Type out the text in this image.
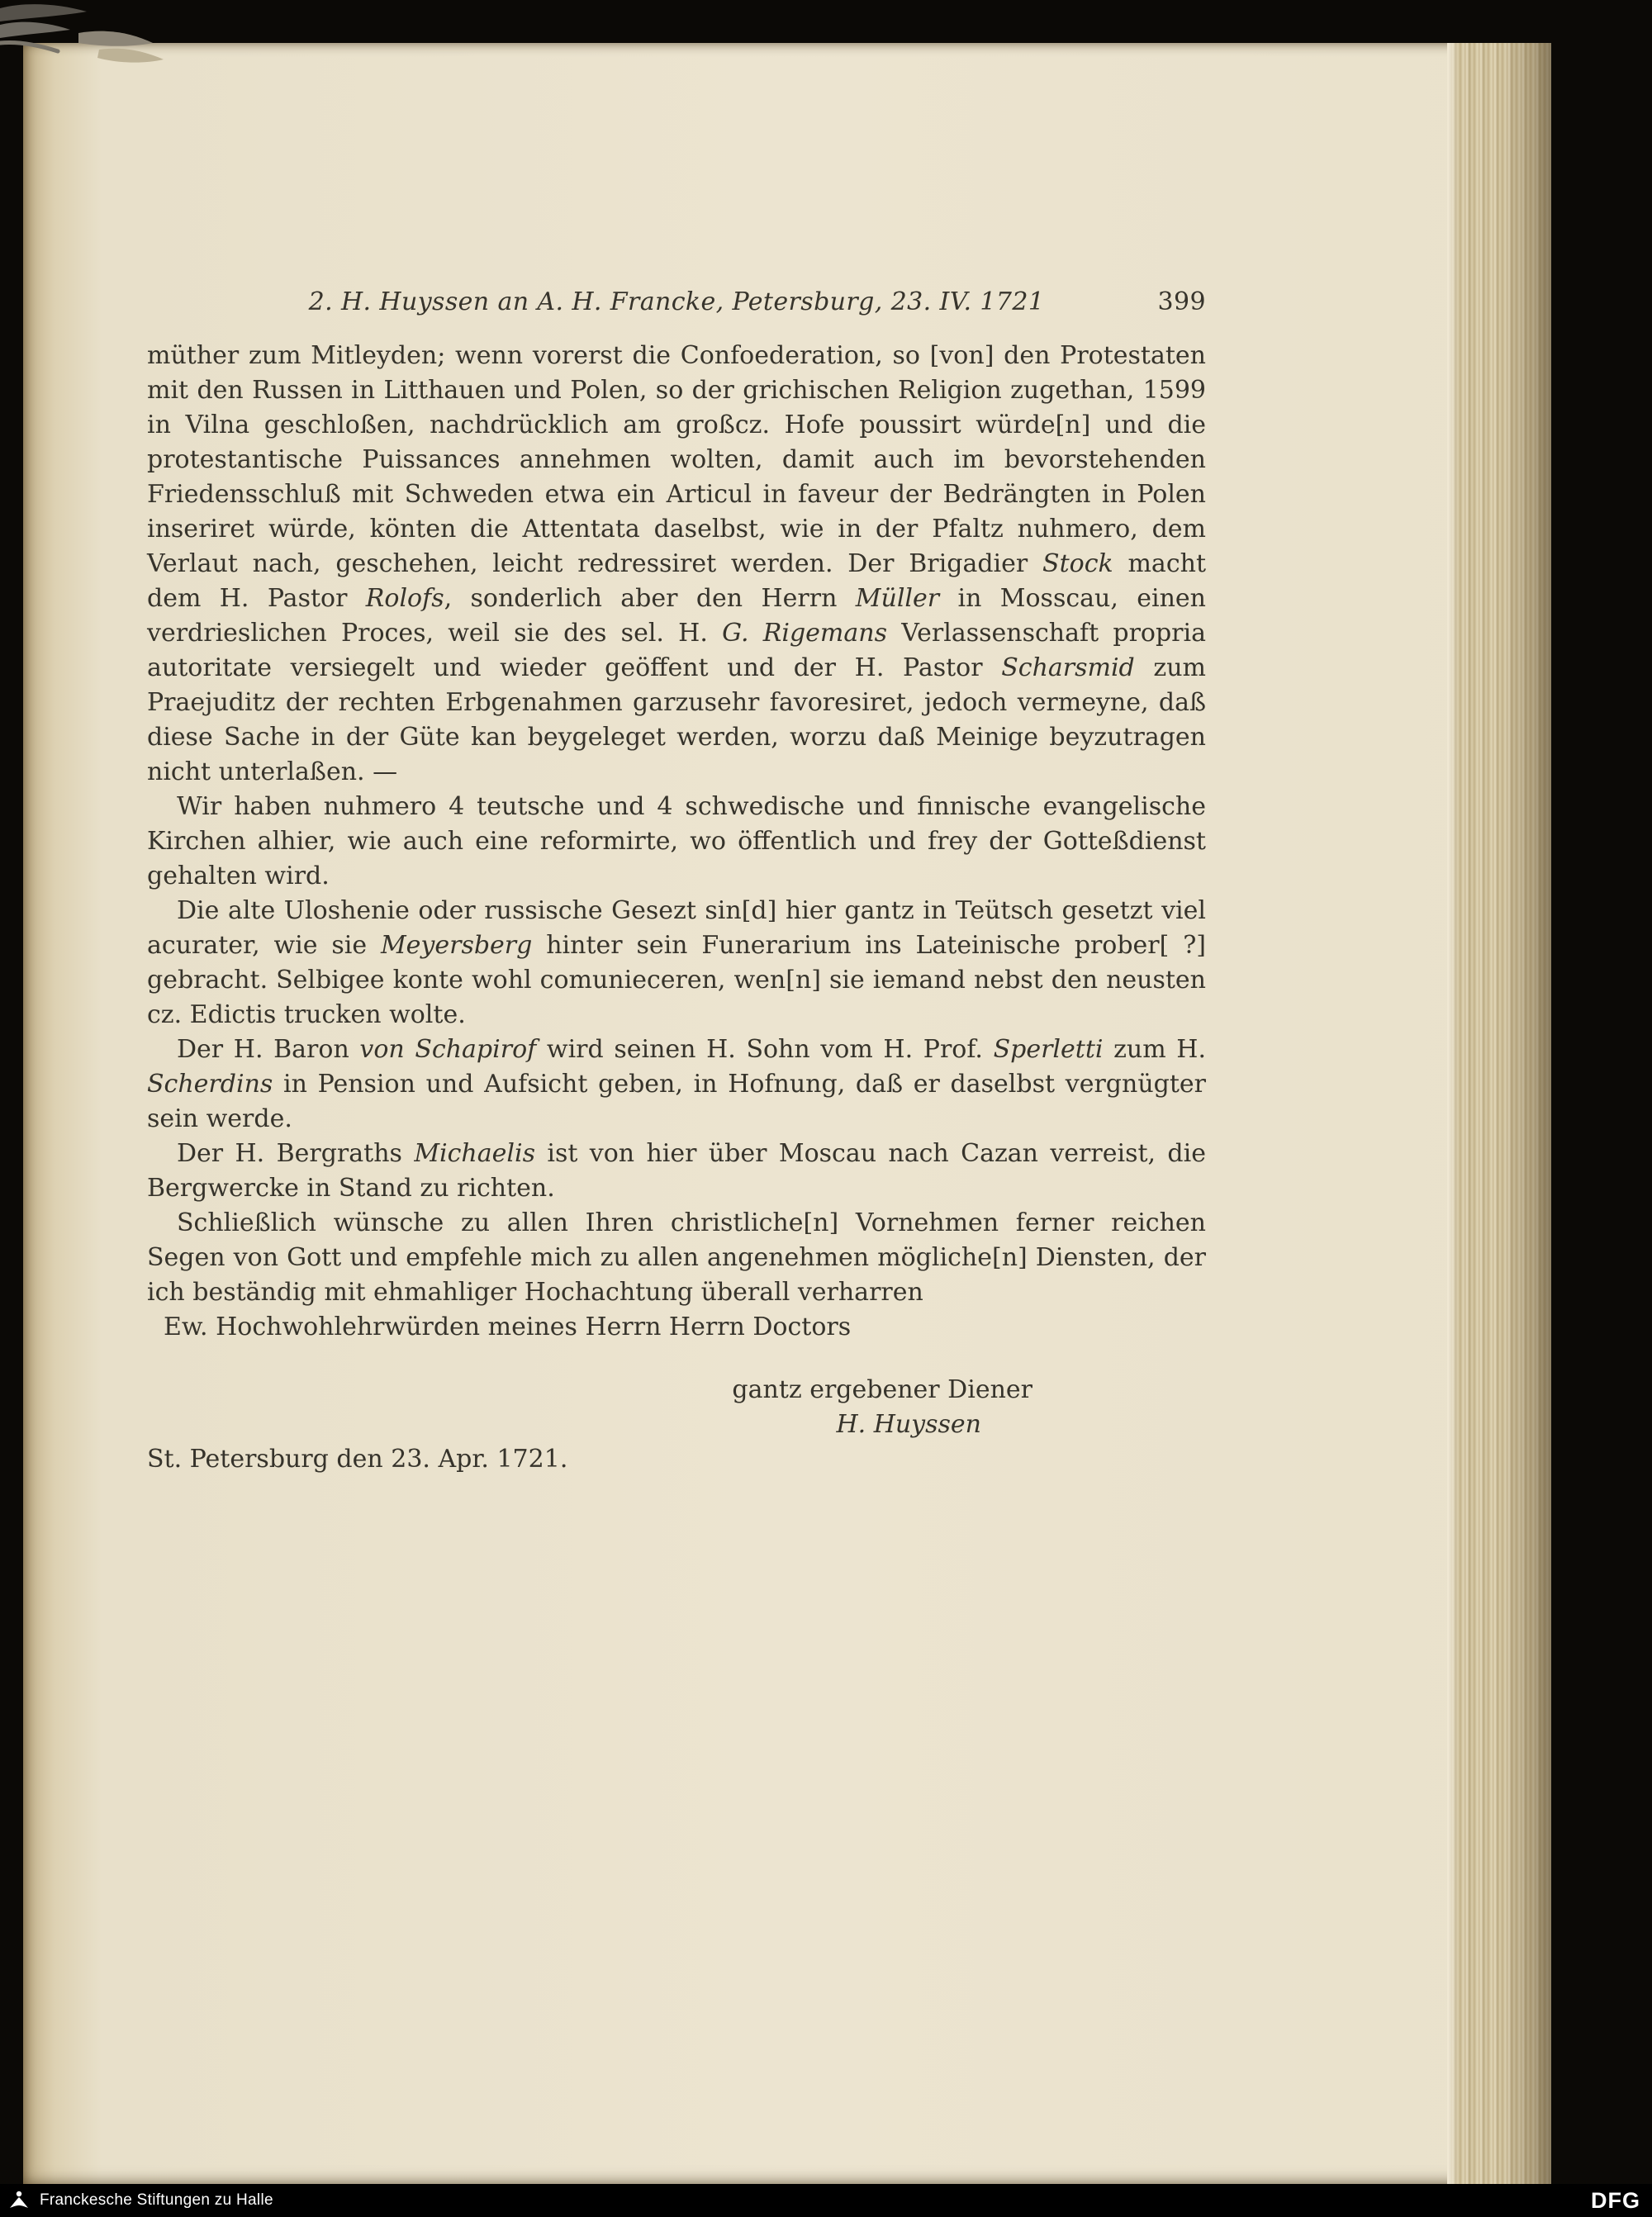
2. H. Huyssen an A. H. Francke, Petersburg, 23. IV. 1721	399

müther zum Mitleyden; wenn vorerst die Confoederation, so [von] den Protestaten mit den Russen in Litthauen und Polen, so der grichischen Religion zugethan, 1599 in Vilna geschloßen, nachdrücklich am großcz. Hofe poussirt würde[n] und die protestantische Puissances annehmen wolten, damit auch im bevorstehenden Friedensschluß mit Schweden etwa ein Articul in faveur der Bedrängten in Polen inseriret würde, könten die Attentata daselbst, wie in der Pfaltz nuhmero, dem Verlaut nach, geschehen, leicht redressiret werden. Der Brigadier Stock macht dem H. Pastor Rolofs, sonderlich aber den Herrn Müller in Mosscau, einen verdrieslichen Proces, weil sie des sel. H. G. Rigemans Verlassenschaft propria autoritate versiegelt und wieder geöffent und der H. Pastor Scharsmid zum Praejuditz der rechten Erbgenahmen garzusehr favoresiret, jedoch vermeyne, daß diese Sache in der Güte kan beygeleget werden, worzu daß Meinige beyzutragen nicht unterlaßen. —

Wir haben nuhmero 4 teutsche und 4 schwedische und finnische evangelische Kirchen alhier, wie auch eine reformirte, wo öffentlich und frey der Gotteßdienst gehalten wird.

Die alte Uloshenie oder russische Gesezt sin[d] hier gantz in Teütsch gesetzt viel acurater, wie sie Meyersberg hinter sein Funerarium ins Lateinische prober[ ?] gebracht. Selbigee konte wohl comunieceren, wen[n] sie iemand nebst den neusten cz. Edictis trucken wolte.

Der H. Baron von Schapirof wird seinen H. Sohn vom H. Prof. Sperletti zum H. Scherdins in Pension und Aufsicht geben, in Hofnung, daß er daselbst vergnügter sein werde.

Der H. Bergraths Michaelis ist von hier über Moscau nach Cazan verreist, die Bergwercke in Stand zu richten.

Schließlich wünsche zu allen Ihren christliche[n] Vornehmen ferner reichen Segen von Gott und empfehle mich zu allen angenehmen mögliche[n] Diensten, der ich beständig mit ehmahliger Hochachtung überall verharren

Ew. Hochwohlehrwürden meines Herrn Herrn Doctors

gantz ergebener Diener
H. Huyssen

St. Petersburg den 23. Apr. 1721.

Franckesche Stiftungen zu Halle	DFG
